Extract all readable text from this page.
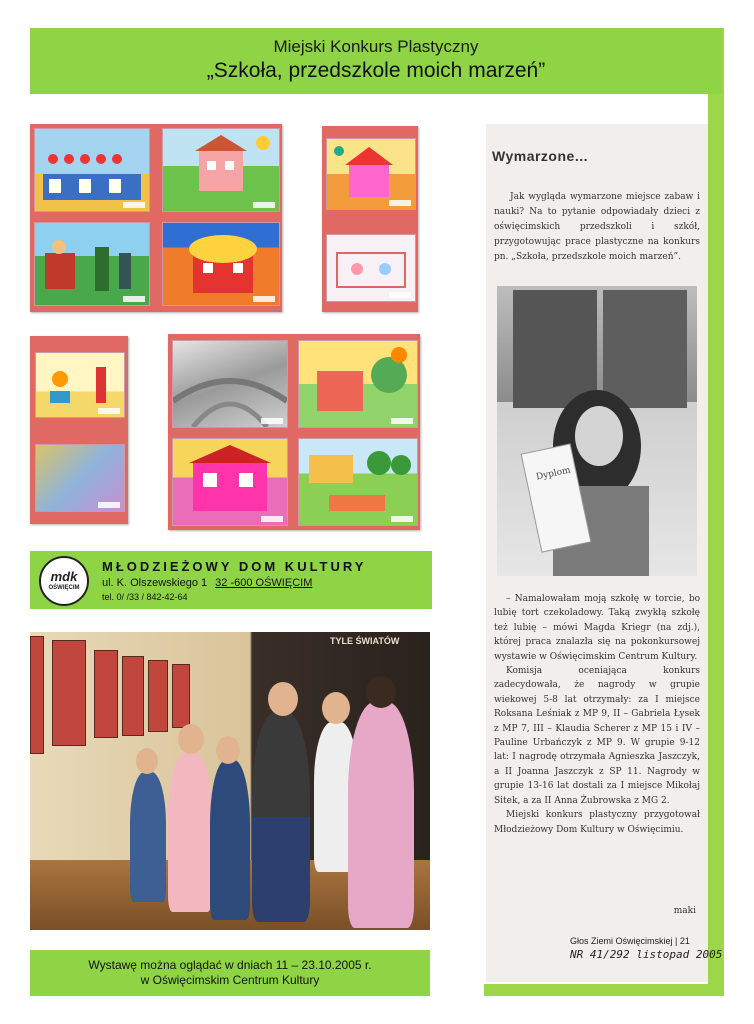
Miejski Konkurs Plastyczny
„Szkoła, przedszkole moich marzeń”
mdk
OŚWIĘCIM
MŁODZIEŻOWY DOM KULTURY
ul. K. Olszewskiego 1 32 -600 OŚWIĘCIM
tel. 0/ /33 / 842-42-64
TYLE ŚWIATÓW
Wystawę można oglądać w dniach 11 – 23.10.2005 r.
w Oświęcimskim Centrum Kultury
Wymarzone...
Jak wygląda wymarzone miejsce zabaw i nauki? Na to pytanie odpowiadały dzieci z oświęcimskich przedszkoli i szkół, przygotowując prace plastyczne na konkurs pn. „Szkoła, przedszkole moich marzeń”.
Dyplom

– Namalowałam moją szkołę w torcie, bo lubię tort czekoladowy. Taką zwykłą szkołę też lubię – mówi Magda Kriegr (na zdj.), której praca znalazła się na pokonkursowej wystawie w Oświęcimskim Centrum Kultury.

Komisja oceniająca konkurs zadecydowała, że nagrody w grupie wiekowej 5-8 lat otrzymały: za I miejsce Roksana Leśniak z MP 9, II – Gabriela Łysek z MP 7, III – Klaudia Scherer z MP 15 i IV – Pauline Urbańczyk z MP 9. W grupie 9-12 lat: I nagrodę otrzymała Agnieszka Jaszczyk, a II Joanna Jaszczyk z SP 11. Nagrody w grupie 13-16 lat dostali za I miejsce Mikołaj Sitek, a za II Anna Żubrowska z MG 2.

Miejski konkurs plastyczny przygotował Młodzieżowy Dom Kultury w Oświęcimiu.

maki
Głos Ziemi Oświęcimskiej | 21
NR 41/292 listopad 2005
